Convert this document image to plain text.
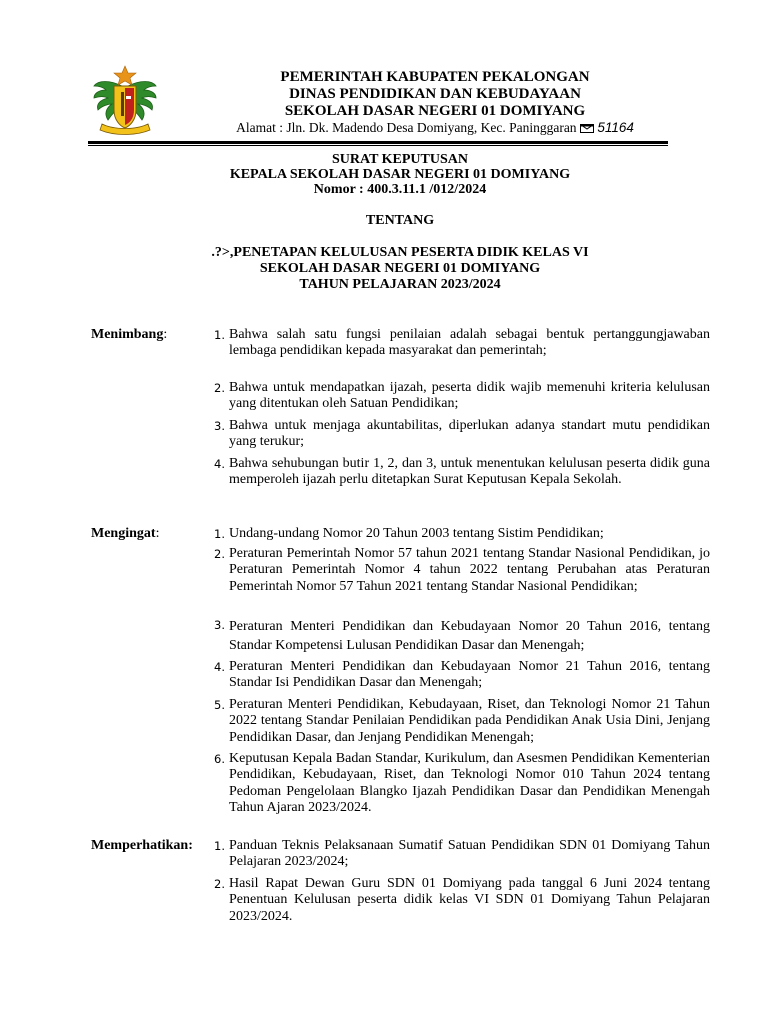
PEMERINTAH KABUPATEN PEKALONGAN
DINAS PENDIDIKAN DAN KEBUDAYAAN
SEKOLAH DASAR NEGERI 01 DOMIYANG
Alamat : Jln. Dk. Madendo Desa Domiyang, Kec. Paninggaran 51164
SURAT KEPUTUSAN
KEPALA SEKOLAH DASAR NEGERI 01 DOMIYANG
Nomor : 400.3.11.1 /012/2024
TENTANG
.?>,PENETAPAN KELULUSAN PESERTA DIDIK KELAS VI
SEKOLAH DASAR NEGERI 01 DOMIYANG
TAHUN PELAJARAN 2023/2024
Menimbang:	1. Bahwa salah satu fungsi penilaian adalah sebagai bentuk pertanggungjawaban lembaga pendidikan kepada masyarakat dan pemerintah;
2. Bahwa untuk mendapatkan ijazah, peserta didik wajib memenuhi kriteria kelulusan yang ditentukan oleh Satuan Pendidikan;
3. Bahwa untuk menjaga akuntabilitas, diperlukan adanya standart mutu pendidikan yang terukur;
4. Bahwa sehubungan butir 1, 2, dan 3, untuk menentukan kelulusan peserta didik guna memperoleh ijazah perlu ditetapkan Surat Keputusan Kepala Sekolah.
Mengingat:	1. Undang-undang Nomor 20 Tahun 2003 tentang Sistim Pendidikan;
2. Peraturan Pemerintah Nomor 57 tahun 2021 tentang Standar Nasional Pendidikan, jo Peraturan Pemerintah Nomor 4 tahun 2022 tentang Perubahan atas Peraturan Pemerintah Nomor 57 Tahun 2021 tentang Standar Nasional Pendidikan;
3. Peraturan Menteri Pendidikan dan Kebudayaan Nomor 20 Tahun 2016, tentang Standar Kompetensi Lulusan Pendidikan Dasar dan Menengah;
4. Peraturan Menteri Pendidikan dan Kebudayaan Nomor 21 Tahun 2016, tentang Standar Isi Pendidikan Dasar dan Menengah;
5. Peraturan Menteri Pendidikan, Kebudayaan, Riset, dan Teknologi Nomor 21 Tahun 2022 tentang Standar Penilaian Pendidikan pada Pendidikan Anak Usia Dini, Jenjang Pendidikan Dasar, dan Jenjang Pendidikan Menengah;
6. Keputusan Kepala Badan Standar, Kurikulum, dan Asesmen Pendidikan Kementerian Pendidikan, Kebudayaan, Riset, dan Teknologi Nomor 010 Tahun 2024 tentang Pedoman Pengelolaan Blangko Ijazah Pendidikan Dasar dan Pendidikan Menengah Tahun Ajaran 2023/2024.
Memperhatikan:	1. Panduan Teknis Pelaksanaan Sumatif Satuan Pendidikan SDN 01 Domiyang Tahun Pelajaran 2023/2024;
2. Hasil Rapat Dewan Guru SDN 01 Domiyang pada tanggal 6 Juni 2024 tentang Penentuan Kelulusan peserta didik kelas VI SDN 01 Domiyang Tahun Pelajaran 2023/2024.
